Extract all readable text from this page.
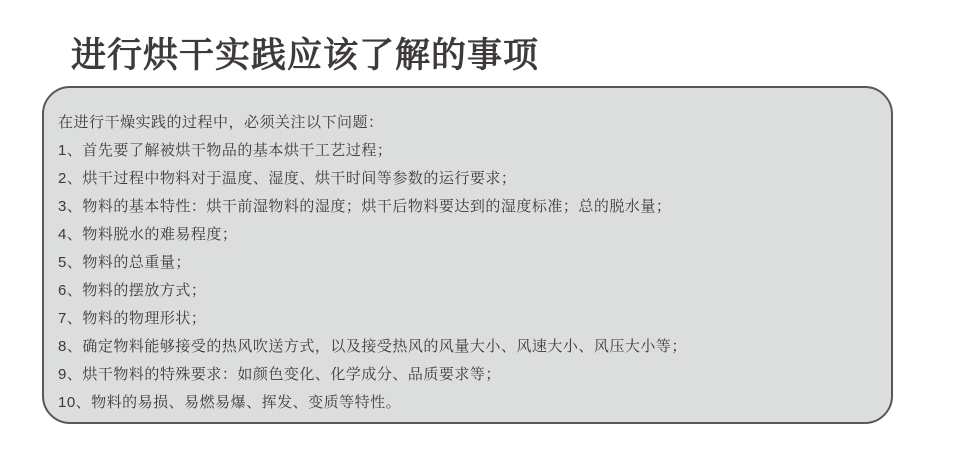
进行烘干实践应该了解的事项
在进行干燥实践的过程中，必须关注以下问题：
1、首先要了解被烘干物品的基本烘干工艺过程；
2、烘干过程中物料对于温度、湿度、烘干时间等参数的运行要求；
3、物料的基本特性：烘干前湿物料的湿度；烘干后物料要达到的湿度标准；总的脱水量；
4、物料脱水的难易程度；
5、物料的总重量；
6、物料的摆放方式；
7、物料的物理形状；
8、确定物料能够接受的热风吹送方式，以及接受热风的风量大小、风速大小、风压大小等；
9、烘干物料的特殊要求：如颜色变化、化学成分、品质要求等；
10、物料的易损、易燃易爆、挥发、变质等特性。
